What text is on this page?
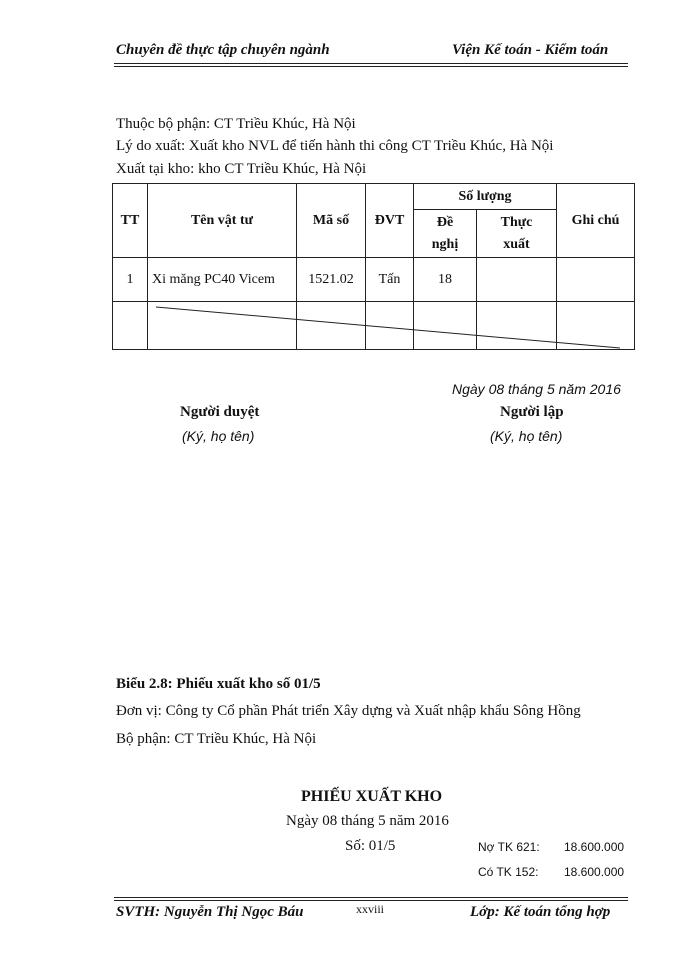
Chuyên đề thực tập chuyên ngành	Viện Kế toán - Kiểm toán
Thuộc bộ phận: CT Triều Khúc, Hà Nội
Lý do xuất: Xuất kho NVL để tiến hành thi công CT Triều Khúc, Hà Nội
Xuất tại kho: kho CT Triều Khúc, Hà Nội
TT	Tên vật tư	Mã số	ĐVT	Số lượng		Ghi chú
				Đề nghị	Thực xuất	
1	Xi măng PC40 Vicem	1521.02	Tấn	18		

Ngày 08 tháng 5 năm 2016
Người duyệt
(Ký, họ tên)
Người lập
(Ký, họ tên)
Biểu 2.8: Phiếu xuất kho số 01/5
Đơn vị: Công ty Cổ phần Phát triển Xây dựng và Xuất nhập khẩu Sông Hồng
Bộ phận: CT Triều Khúc, Hà Nội
PHIẾU XUẤT KHO
Ngày 08 tháng 5 năm 2016
Số: 01/5	Nợ TK 621: 18.600.000
Có TK 152: 18.600.000
SVTH: Nguyễn Thị Ngọc Báu	xxviii	Lớp: Kế toán tổng hợp
